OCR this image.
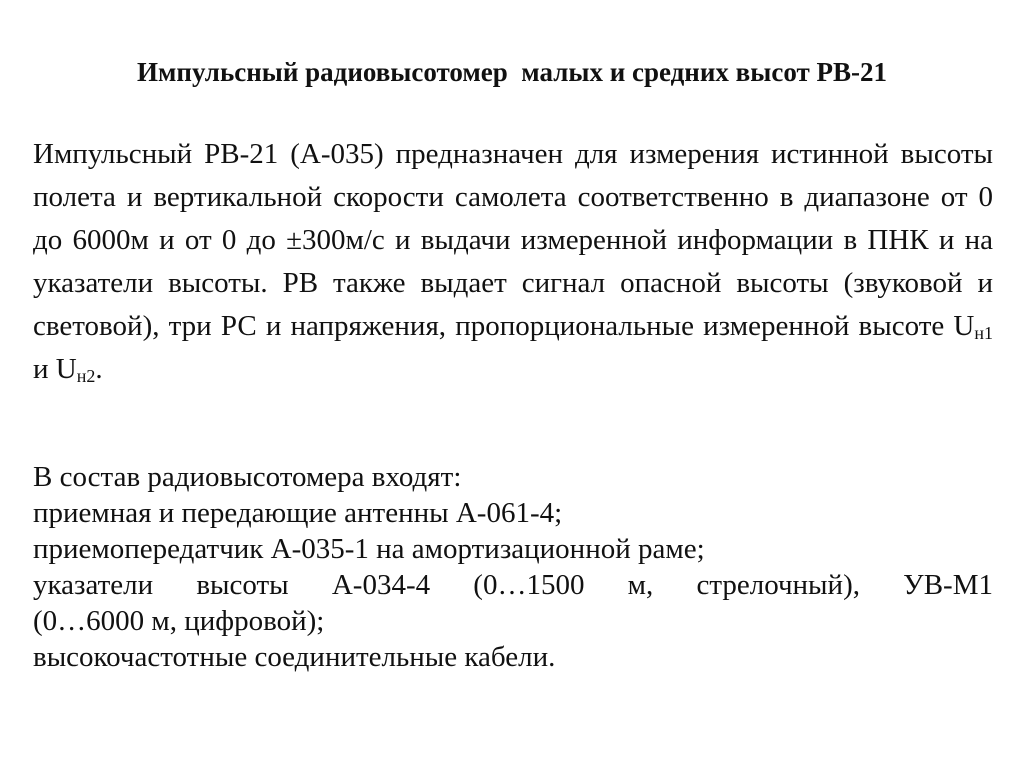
Импульсный радиовысотомер  малых и средних высот РВ-21

Импульсный РВ-21 (А-035) предназначен для измерения истинной высоты полета и вертикальной скорости самолета соответственно в диапазоне от 0 до 6000м и от 0 до ±300м/с и выдачи измеренной информации в ПНК и на указатели высоты. РВ также выдает сигнал опасной высоты (звуковой и световой), три РС и напряжения, пропорциональные измеренной высоте $U_{н1}$ и $U_{н2}$.

В состав радиовысотомера входят:
приемная и передающие антенны А-061-4;
приемопередатчик А-035-1 на амортизационной раме;
указатели высоты А-034-4 (0…1500 м, стрелочный), УВ-М1
(0…6000 м, цифровой);
высокочастотные соединительные кабели.
